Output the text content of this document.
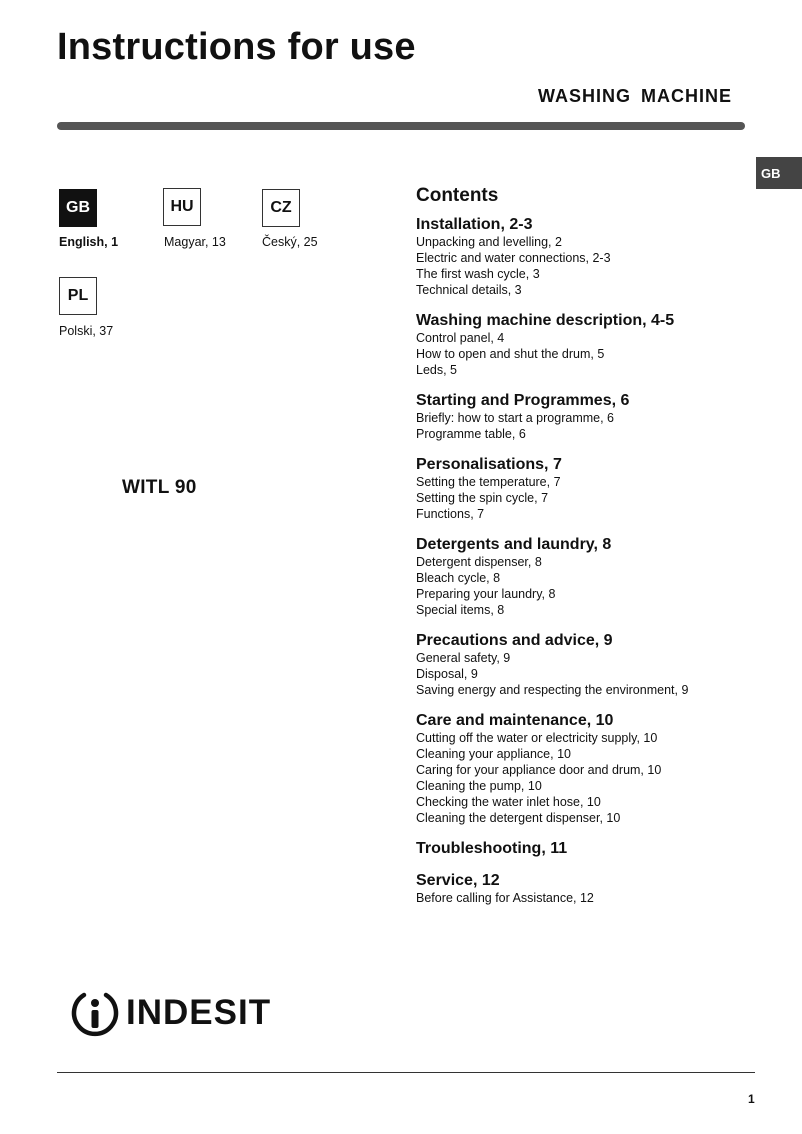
Instructions for use
WASHING MACHINE
GB
GB
English, 1
HU
Magyar, 13
CZ
Český, 25
PL
Polski, 37
WITL 90
Contents
Installation, 2-3
Unpacking and levelling, 2
Electric and water connections, 2-3
The first wash cycle, 3
Technical details, 3
Washing machine description, 4-5
Control panel, 4
How to open and shut the drum, 5
Leds, 5
Starting and Programmes, 6
Briefly: how to start a programme, 6
Programme table, 6
Personalisations, 7
Setting the temperature, 7
Setting the spin cycle, 7
Functions, 7
Detergents and laundry, 8
Detergent dispenser, 8
Bleach cycle, 8
Preparing your laundry, 8
Special items, 8
Precautions and advice, 9
General safety, 9
Disposal, 9
Saving energy and respecting the environment, 9
Care and maintenance, 10
Cutting off the water or electricity supply, 10
Cleaning your appliance, 10
Caring for your appliance door and drum, 10
Cleaning the pump, 10
Checking the water inlet hose, 10
Cleaning the detergent dispenser, 10
Troubleshooting, 11
Service, 12
Before calling for Assistance, 12
INDESIT
1
